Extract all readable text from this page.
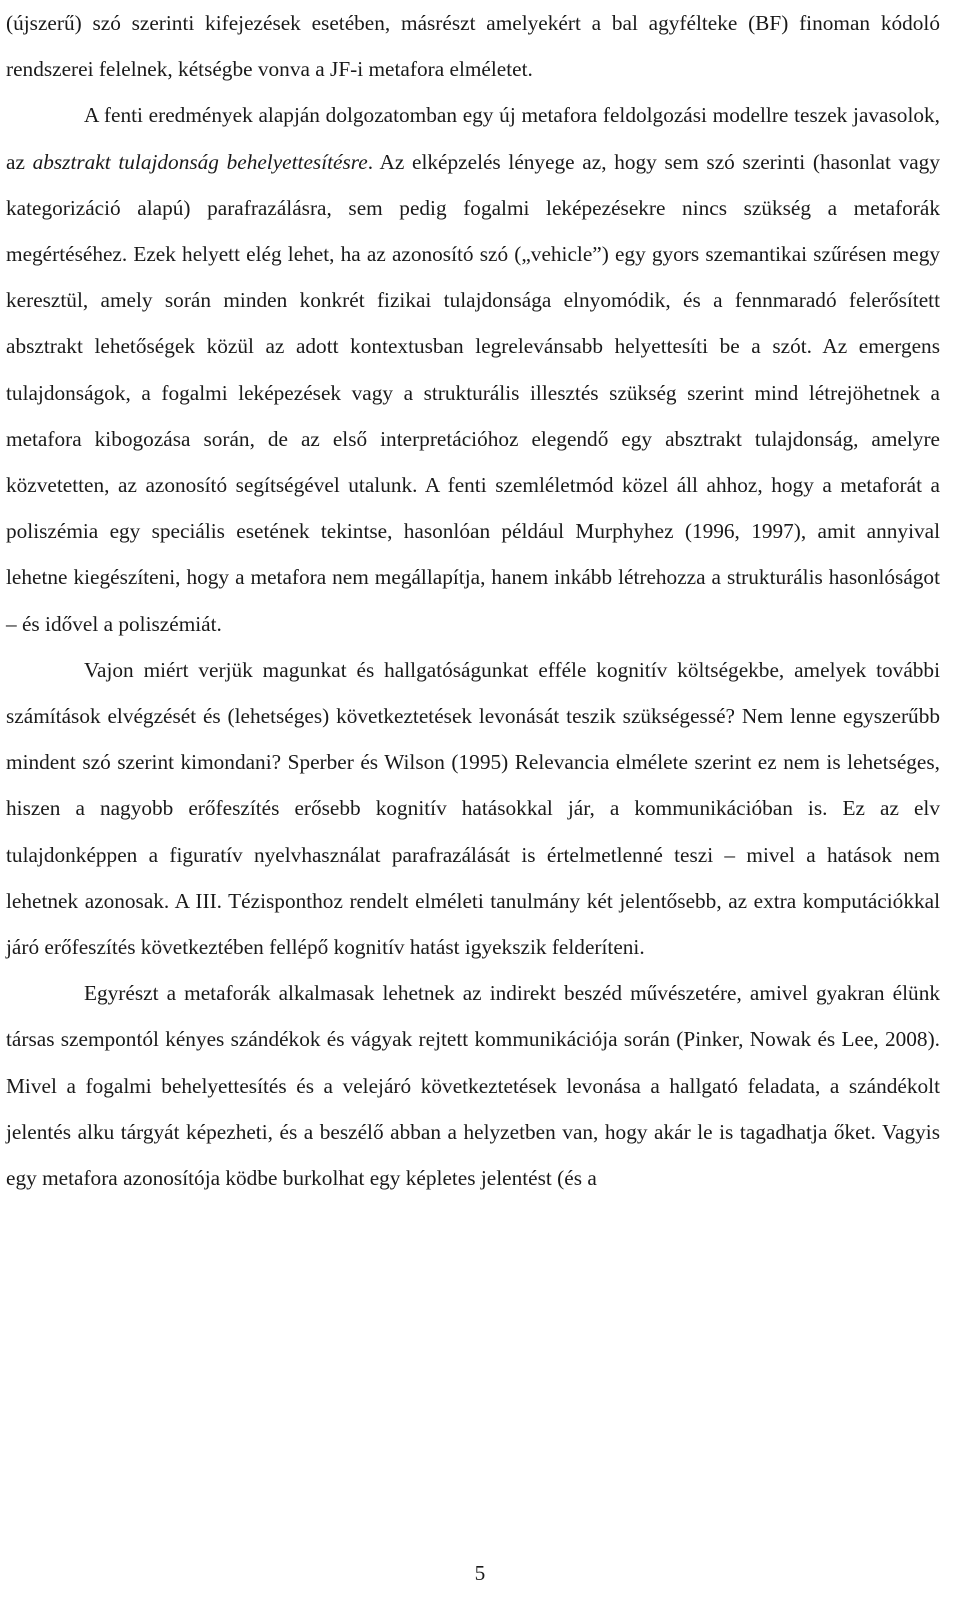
(újszerű) szó szerinti kifejezések esetében, másrészt amelyekért a bal agyfélteke (BF) finoman kódoló rendszerei felelnek, kétségbe vonva a JF-i metafora elméletet.

A fenti eredmények alapján dolgozatomban egy új metafora feldolgozási modellre teszek javasolok, az absztrakt tulajdonság behelyettesítésre. Az elképzelés lényege az, hogy sem szó szerinti (hasonlat vagy kategorizáció alapú) parafrazálásra, sem pedig fogalmi leképezésekre nincs szükség a metaforák megértéséhez. Ezek helyett elég lehet, ha az azonosító szó („vehicle”) egy gyors szemantikai szűrésen megy keresztül, amely során minden konkrét fizikai tulajdonsága elnyomódik, és a fennmaradó felerősített absztrakt lehetőségek közül az adott kontextusban legrelevánsabb helyettesíti be a szót. Az emergens tulajdonságok, a fogalmi leképezések vagy a strukturális illesztés szükség szerint mind létrejöhetnek a metafora kibogozása során, de az első interpretációhoz elegendő egy absztrakt tulajdonság, amelyre közvetetten, az azonosító segítségével utalunk. A fenti szemléletmód közel áll ahhoz, hogy a metaforát a poliszémia egy speciális esetének tekintse, hasonlóan például Murphyhez (1996, 1997), amit annyival lehetne kiegészíteni, hogy a metafora nem megállapítja, hanem inkább létrehozza a strukturális hasonlóságot – és idővel a poliszémiát.

Vajon miért verjük magunkat és hallgatóságunkat efféle kognitív költségekbe, amelyek további számítások elvégzését és (lehetséges) következtetések levonását teszik szükségessé? Nem lenne egyszerűbb mindent szó szerint kimondani? Sperber és Wilson (1995) Relevancia elmélete szerint ez nem is lehetséges, hiszen a nagyobb erőfeszítés erősebb kognitív hatásokkal jár, a kommunikációban is. Ez az elv tulajdonképpen a figuratív nyelvhasználat parafrazálását is értelmetlenné teszi – mivel a hatások nem lehetnek azonosak. A III. Tézisponthoz rendelt elméleti tanulmány két jelentősebb, az extra komputációkkal járó erőfeszítés következtében fellépő kognitív hatást igyekszik felderíteni.

Egyrészt a metaforák alkalmasak lehetnek az indirekt beszéd művészetére, amivel gyakran élünk társas szempontól kényes szándékok és vágyak rejtett kommunikációja során (Pinker, Nowak és Lee, 2008). Mivel a fogalmi behelyettesítés és a velejáró következtetések levonása a hallgató feladata, a szándékolt jelentés alku tárgyát képezheti, és a beszélő abban a helyzetben van, hogy akár le is tagadhatja őket. Vagyis egy metafora azonosítója ködbe burkolhat egy képletes jelentést (és a

5
